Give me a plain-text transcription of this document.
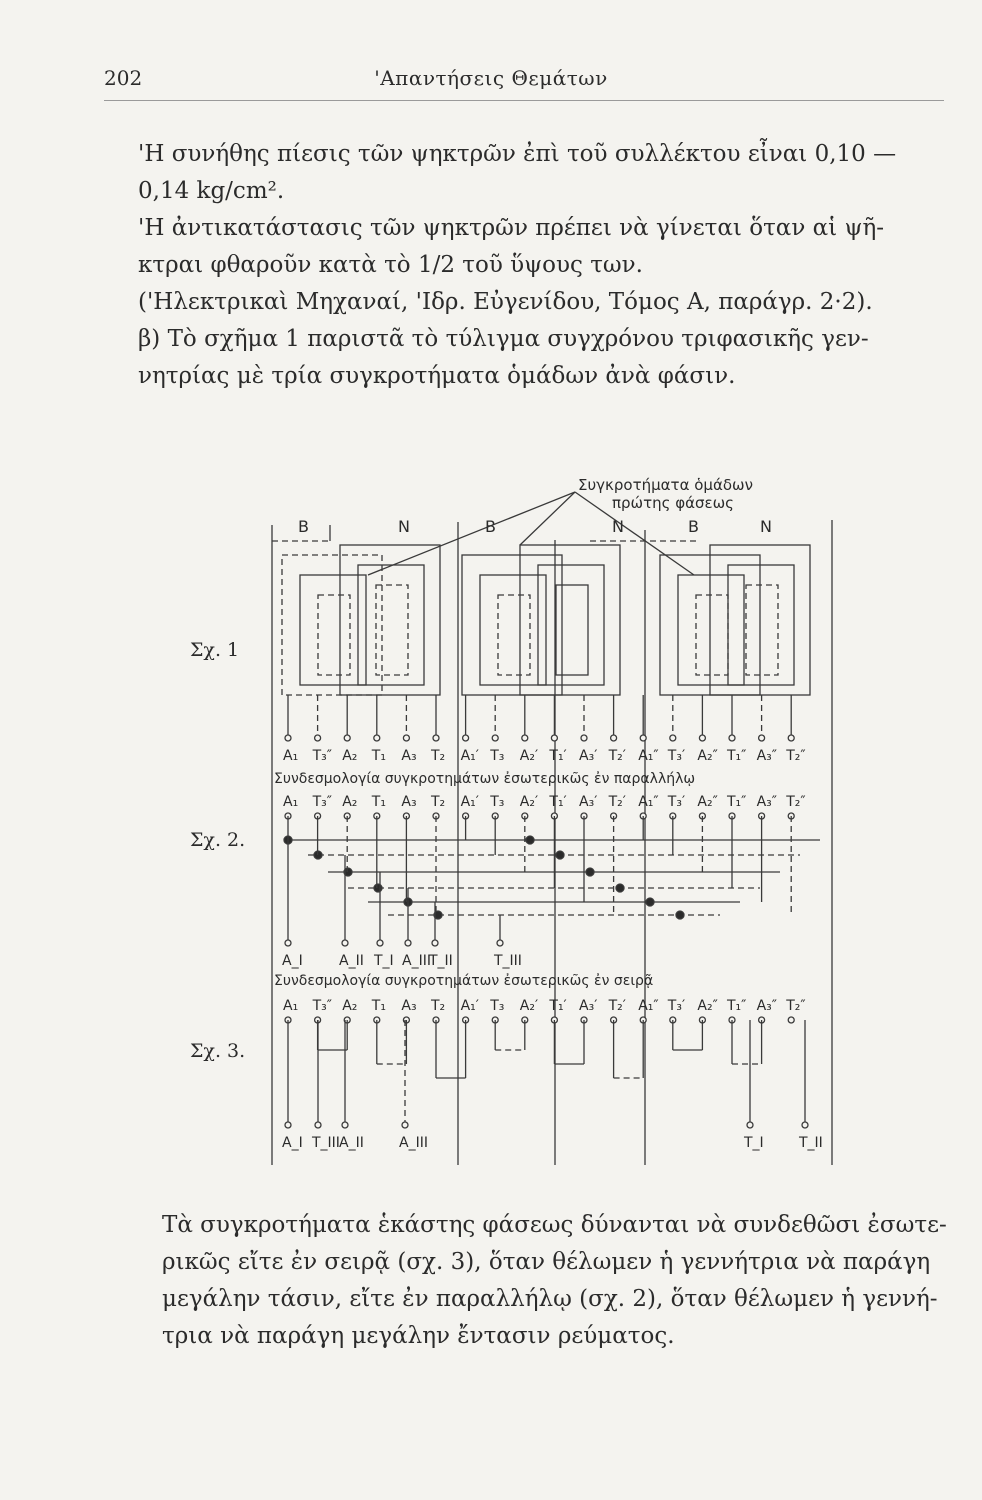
202	'Απαντήσεις Θεμάτων
'Η συνήθης πίεσις τῶν ψηκτρῶν ἐπὶ τοῦ συλλέκτου εἶναι 0,10 —
0,14 kg/cm².
'Η ἀντικατάστασις τῶν ψηκτρῶν πρέπει νὰ γίνεται ὅταν αἱ ψῆ-
κτραι φθαροῦν κατὰ τὸ 1/2 τοῦ ὕψους των.
('Ηλεκτρικαὶ Μηχαναί, 'Ιδρ. Εὐγενίδου, Τόμος Α, παράγρ. 2·2).
β) Τὸ σχῆμα 1 παριστᾶ τὸ τύλιγμα συγχρόνου τριφασικῆς γεν-
νητρίας μὲ τρία συγκροτήματα ὁμάδων ἀνὰ φάσιν.
Σχ. 1
Σχ. 2.
Σχ. 3.
Συγκροτήματα ὁμάδων
πρώτης φάσεως
B	N	B	N	B	N
A₁ T₃″ A₂ T₁ A₃ T₂ A₁′ T₃ A₂′ T₁′ A₃′ T₂′ A₁″ T₃′ A₂″ T₁″ A₃″ T₂″
Συνδεσμολογία συγκροτημάτων ἐσωτερικῶς ἐν παραλλήλῳ
A₁ T₃″ A₂ T₁ A₃ T₂ A₁′ T₃ A₂′ T₁′ A₃′ T₂′ A₁″ T₃′ A₂″ T₁″ A₃″ T₂″
A_I	A_II T_I A_III
T_II	T_III
Συνδεσμολογία συγκροτημάτων ἐσωτερικῶς ἐν σειρᾷ
A₁ T₃″ A₂ T₁ A₃ T₂ A₁′ T₃ A₂′ T₁′ A₃′ T₂′ A₁″ T₃′ A₂″ T₁″ A₃″ T₂″
A_I T_III A_II	A_III	T_I	T_II
Τὰ συγκροτήματα ἑκάστης φάσεως δύνανται νὰ συνδεθῶσι ἐσωτε-
ρικῶς εἴτε ἐν σειρᾷ (σχ. 3), ὅταν θέλωμεν ἡ γεννήτρια νὰ παράγη
μεγάλην τάσιν, εἴτε ἐν παραλλήλῳ (σχ. 2), ὅταν θέλωμεν ἡ γεννή-
τρια νὰ παράγη μεγάλην ἔντασιν ρεύματος.
